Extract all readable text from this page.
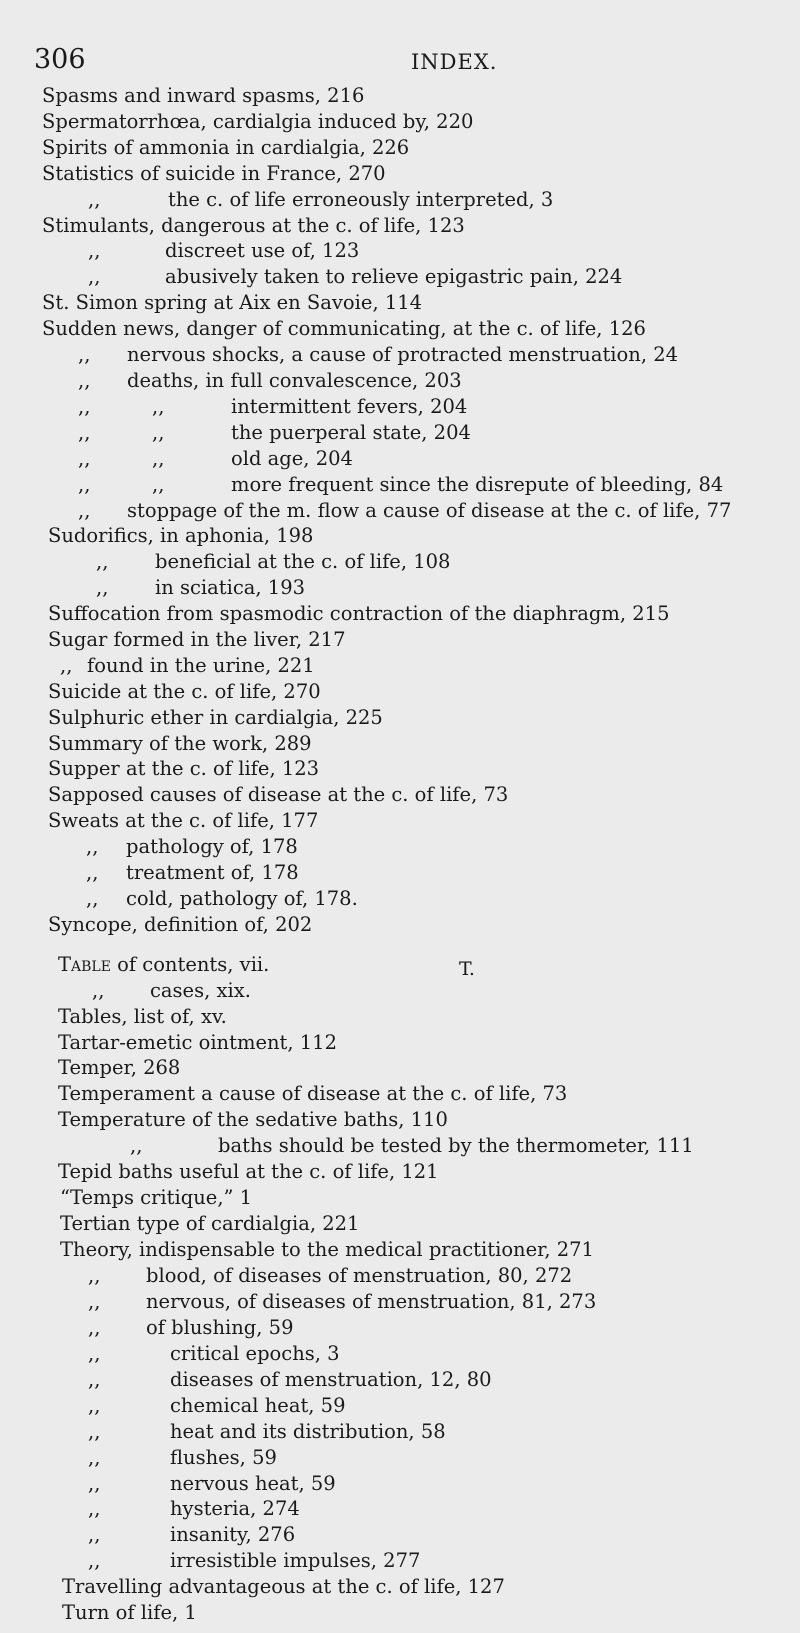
306	INDEX.
T.
Spasms and inward spasms, 216
Spermatorrhœa, cardialgia induced by, 220
Spirits of ammonia in cardialgia, 226
Statistics of suicide in France, 270
,,	the c. of life erroneously interpreted, 3
Stimulants, dangerous at the c. of life, 123
,,	discreet use of, 123
,,	abusively taken to relieve epigastric pain, 224
St. Simon spring at Aix en Savoie, 114
Sudden news, danger of communicating, at the c. of life, 126
,, nervous shocks, a cause of protracted menstruation, 24
,, deaths, in full convalescence, 203
,,	,,	intermittent fevers, 204
,,	,,	the puerperal state, 204
,,	,,	old age, 204
,,	,,	more frequent since the disrepute of bleeding, 84
,, stoppage of the m. flow a cause of disease at the c. of life, 77
Sudorifics, in aphonia, 198
,, beneficial at the c. of life, 108
,, in sciatica, 193
Suffocation from spasmodic contraction of the diaphragm, 215
Sugar formed in the liver, 217
,, found in the urine, 221
Suicide at the c. of life, 270
Sulphuric ether in cardialgia, 225
Summary of the work, 289
Supper at the c. of life, 123
Sapposed causes of disease at the c. of life, 73
Sweats at the c. of life, 177
,, pathology of, 178
,, treatment of, 178
,, cold, pathology of, 178.
Syncope, definition of, 202
Table of contents, vii.
,, cases, xix.
Tables, list of, xv.
Tartar-emetic ointment, 112
Temper, 268
Temperament a cause of disease at the c. of life, 73
Temperature of the sedative baths, 110
,,	baths should be tested by the thermometer, 111
Tepid baths useful at the c. of life, 121
“Temps critique,” 1
Tertian type of cardialgia, 221
Theory, indispensable to the medical practitioner, 271
,, blood, of diseases of menstruation, 80, 272
,, nervous, of diseases of menstruation, 81, 273
,, of blushing, 59
,,	critical epochs, 3
,,	diseases of menstruation, 12, 80
,,	chemical heat, 59
,,	heat and its distribution, 58
,,	flushes, 59
,,	nervous heat, 59
,,	hysteria, 274
,,	insanity, 276
,,	irresistible impulses, 277
Travelling advantageous at the c. of life, 127
Turn of life, 1
